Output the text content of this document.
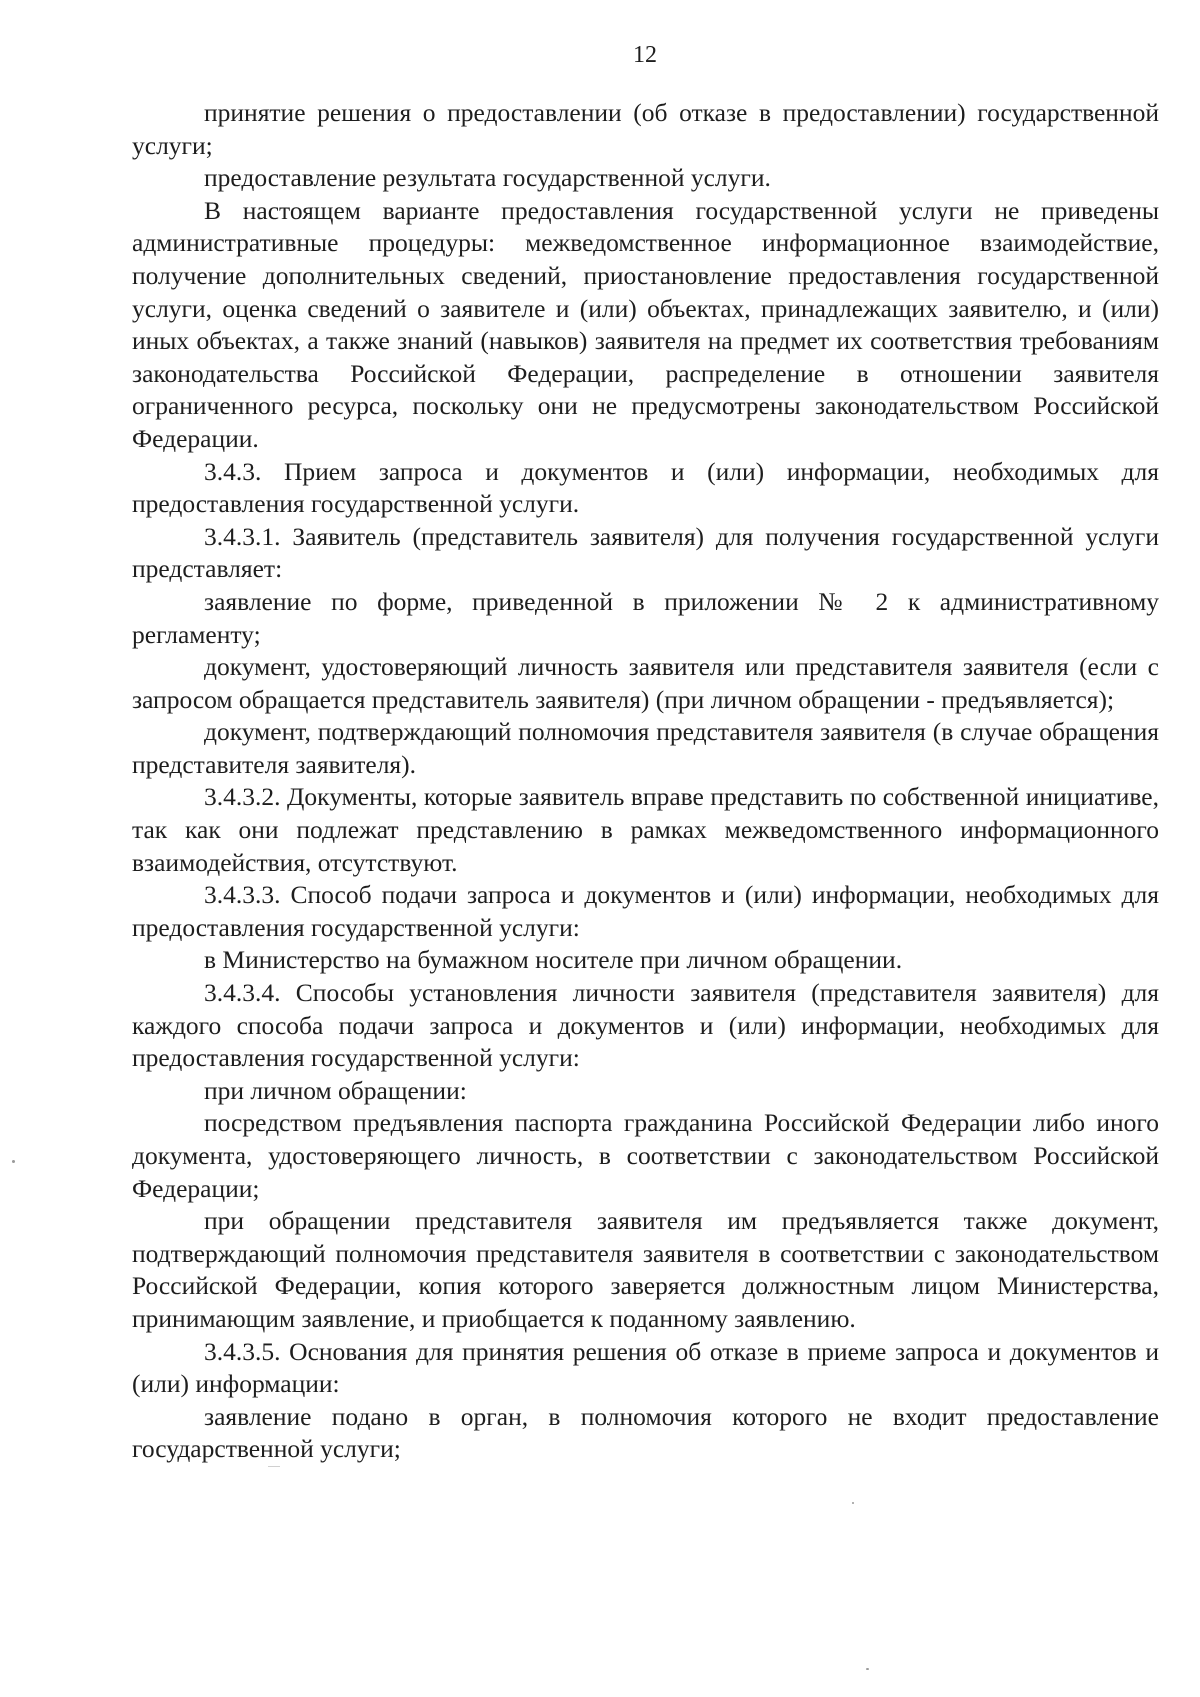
12

принятие решения о предоставлении (об отказе в предоставлении) государственной услуги;

предоставление результата государственной услуги.

В настоящем варианте предоставления государственной услуги не приведены административные процедуры: межведомственное информационное взаимодействие, получение дополнительных сведений, приостановление предоставления государственной услуги, оценка сведений о заявителе и (или) объектах, принадлежащих заявителю, и (или) иных объектах, а также знаний (навыков) заявителя на предмет их соответствия требованиям законодательства Российской Федерации, распределение в отношении заявителя ограниченного ресурса, поскольку они не предусмотрены законодательством Российской Федерации.

3.4.3. Прием запроса и документов и (или) информации, необходимых для предоставления государственной услуги.

3.4.3.1. Заявитель (представитель заявителя) для получения государственной услуги представляет:

заявление по форме, приведенной в приложении № 2 к административному регламенту;

документ, удостоверяющий личность заявителя или представителя заявителя (если с запросом обращается представитель заявителя) (при личном обращении - предъявляется);

документ, подтверждающий полномочия представителя заявителя (в случае обращения представителя заявителя).

3.4.3.2. Документы, которые заявитель вправе представить по собственной инициативе, так как они подлежат представлению в рамках межведомственного информационного взаимодействия, отсутствуют.

3.4.3.3. Способ подачи запроса и документов и (или) информации, необходимых для предоставления государственной услуги:

в Министерство на бумажном носителе при личном обращении.

3.4.3.4. Способы установления личности заявителя (представителя заявителя) для каждого способа подачи запроса и документов и (или) информации, необходимых для предоставления государственной услуги:

при личном обращении:

посредством предъявления паспорта гражданина Российской Федерации либо иного документа, удостоверяющего личность, в соответствии с законодательством Российской Федерации;

при обращении представителя заявителя им предъявляется также документ, подтверждающий полномочия представителя заявителя в соответствии с законодательством Российской Федерации, копия которого заверяется должностным лицом Министерства, принимающим заявление, и приобщается к поданному заявлению.

3.4.3.5. Основания для принятия решения об отказе в приеме запроса и документов и (или) информации:

заявление подано в орган, в полномочия которого не входит предоставление государственной услуги;
